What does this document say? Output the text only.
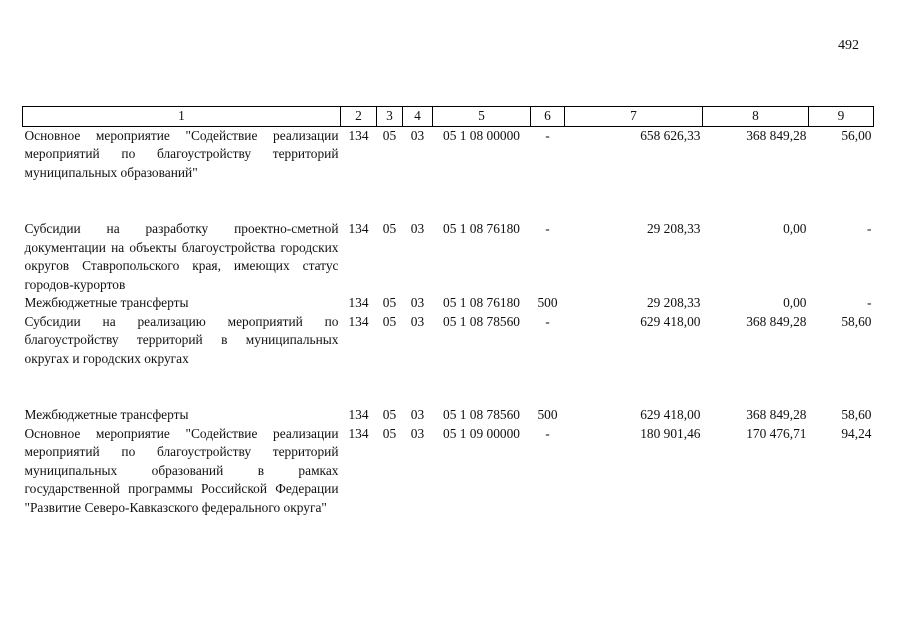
492
1	2	3	4	5	6	7	8	9
Основное мероприятие "Содействие реализации мероприятий по благоустройству территорий муниципальных образований"	134	05	03	05 1 08 00000	-	658 626,33	368 849,28	56,00

Субсидии на разработку проектно-сметной документации на объекты благоустройства городских округов Ставропольского края, имеющих статус городов-курортов	134	05	03	05 1 08 76180	-	29 208,33	0,00	-
Межбюджетные трансферты	134	05	03	05 1 08 76180	500	29 208,33	0,00	-
Субсидии на реализацию мероприятий по благоустройству территорий в муниципальных округах и городских округах	134	05	03	05 1 08 78560	-	629 418,00	368 849,28	58,60

Межбюджетные трансферты	134	05	03	05 1 08 78560	500	629 418,00	368 849,28	58,60
Основное мероприятие "Содействие реализации мероприятий по благоустройству территорий муниципальных образований в рамках государственной программы Российской Федерации "Развитие Северо-Кавказского федерального округа"	134	05	03	05 1 09 00000	-	180 901,46	170 476,71	94,24
